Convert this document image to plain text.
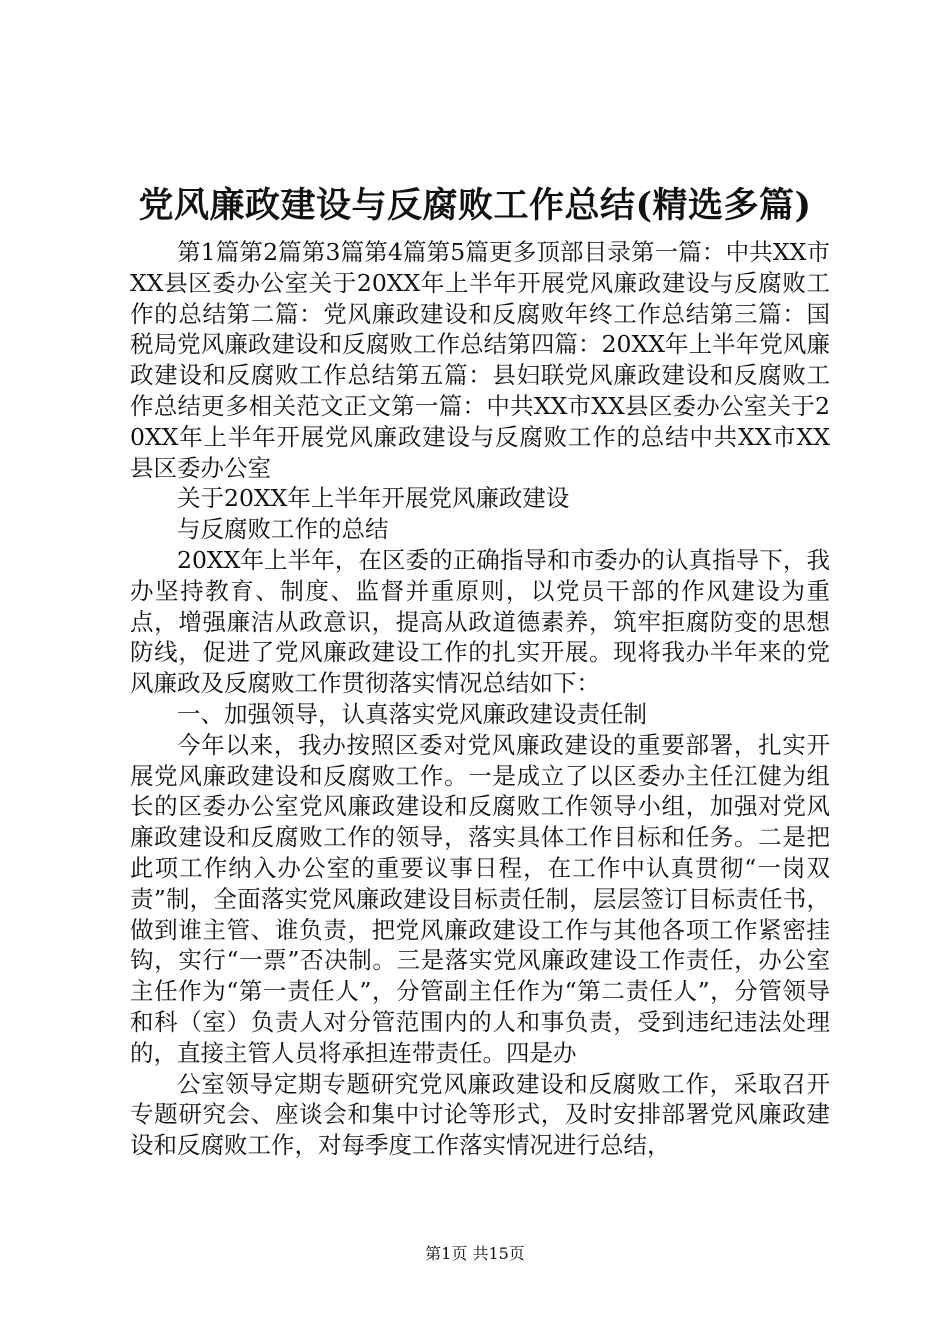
党风廉政建设与反腐败工作总结(精选多篇)

第1篇第2篇第3篇第4篇第5篇更多顶部目录第一篇：中共XX市XX县区委办公室关于20XX年上半年开展党风廉政建设与反腐败工作的总结第二篇：党风廉政建设和反腐败年终工作总结第三篇：国税局党风廉政建设和反腐败工作总结第四篇：20XX年上半年党风廉政建设和反腐败工作总结第五篇：县妇联党风廉政建设和反腐败工作总结更多相关范文正文第一篇：中共XX市XX县区委办公室关于20XX年上半年开展党风廉政建设与反腐败工作的总结中共XX市XX县区委办公室

关于20XX年上半年开展党风廉政建设

与反腐败工作的总结

20XX年上半年，在区委的正确指导和市委办的认真指导下，我办坚持教育、制度、监督并重原则，以党员干部的作风建设为重点，增强廉洁从政意识，提高从政道德素养，筑牢拒腐防变的思想防线，促进了党风廉政建设工作的扎实开展。现将我办半年来的党风廉政及反腐败工作贯彻落实情况总结如下：

一、加强领导，认真落实党风廉政建设责任制

今年以来，我办按照区委对党风廉政建设的重要部署，扎实开展党风廉政建设和反腐败工作。一是成立了以区委办主任江健为组长的区委办公室党风廉政建设和反腐败工作领导小组，加强对党风廉政建设和反腐败工作的领导，落实具体工作目标和任务。二是把此项工作纳入办公室的重要议事日程，在工作中认真贯彻“一岗双责”制，全面落实党风廉政建设目标责任制，层层签订目标责任书，做到谁主管、谁负责，把党风廉政建设工作与其他各项工作紧密挂钩，实行“一票”否决制。三是落实党风廉政建设工作责任，办公室主任作为“第一责任人”，分管副主任作为“第二责任人”，分管领导和科（室）负责人对分管范围内的人和事负责，受到违纪违法处理的，直接主管人员将承担连带责任。四是办

公室领导定期专题研究党风廉政建设和反腐败工作，采取召开专题研究会、座谈会和集中讨论等形式，及时安排部署党风廉政建设和反腐败工作，对每季度工作落实情况进行总结，

第1页 共15页
